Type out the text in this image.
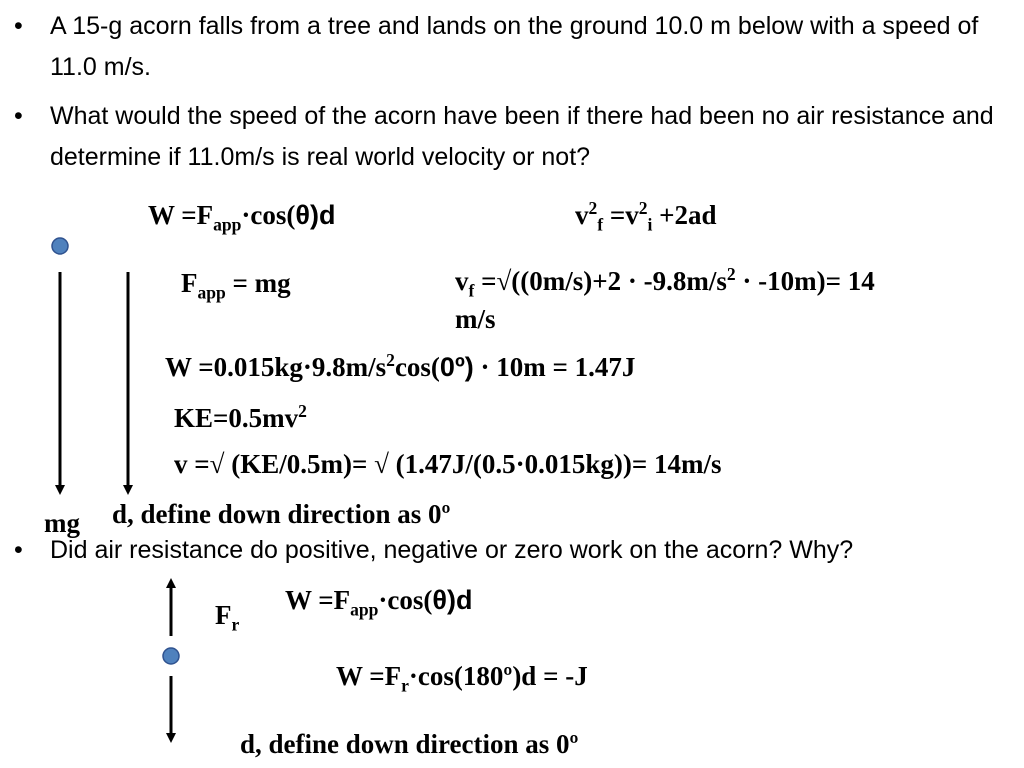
• A 15-g acorn falls from a tree and lands on the ground 10.0 m below with a speed of 11.0 m/s.
• What would the speed of the acorn have been if there had been no air resistance and determine if 11.0m/s is real world velocity or not?
• Did air resistance do positive, negative or zero work on the acorn? Why?
$W =F_{app}\cdot\cos(\theta)d$	$v^2_f =v^2_i +2ad$
$F_{app}$ = mg	$v_f =√((0m/s)+2 \cdot -9.8m/s^2 \cdot -10m)= 14$ m/s
$W =0.015kg\cdot 9.8m/s^2\cos(0º) \cdot 10m = 1.47J$
$KE=0.5mv^2$
v =√ (KE/0.5m)= √ (1.47J/(0.5·0.015kg))= 14m/s
mg d, define down direction as 0º
$W =F_{app}\cdot\cos(\theta)d$
$F_r$
$W =F_r\cdot\cos(180º)d = -J$
d, define down direction as 0º
